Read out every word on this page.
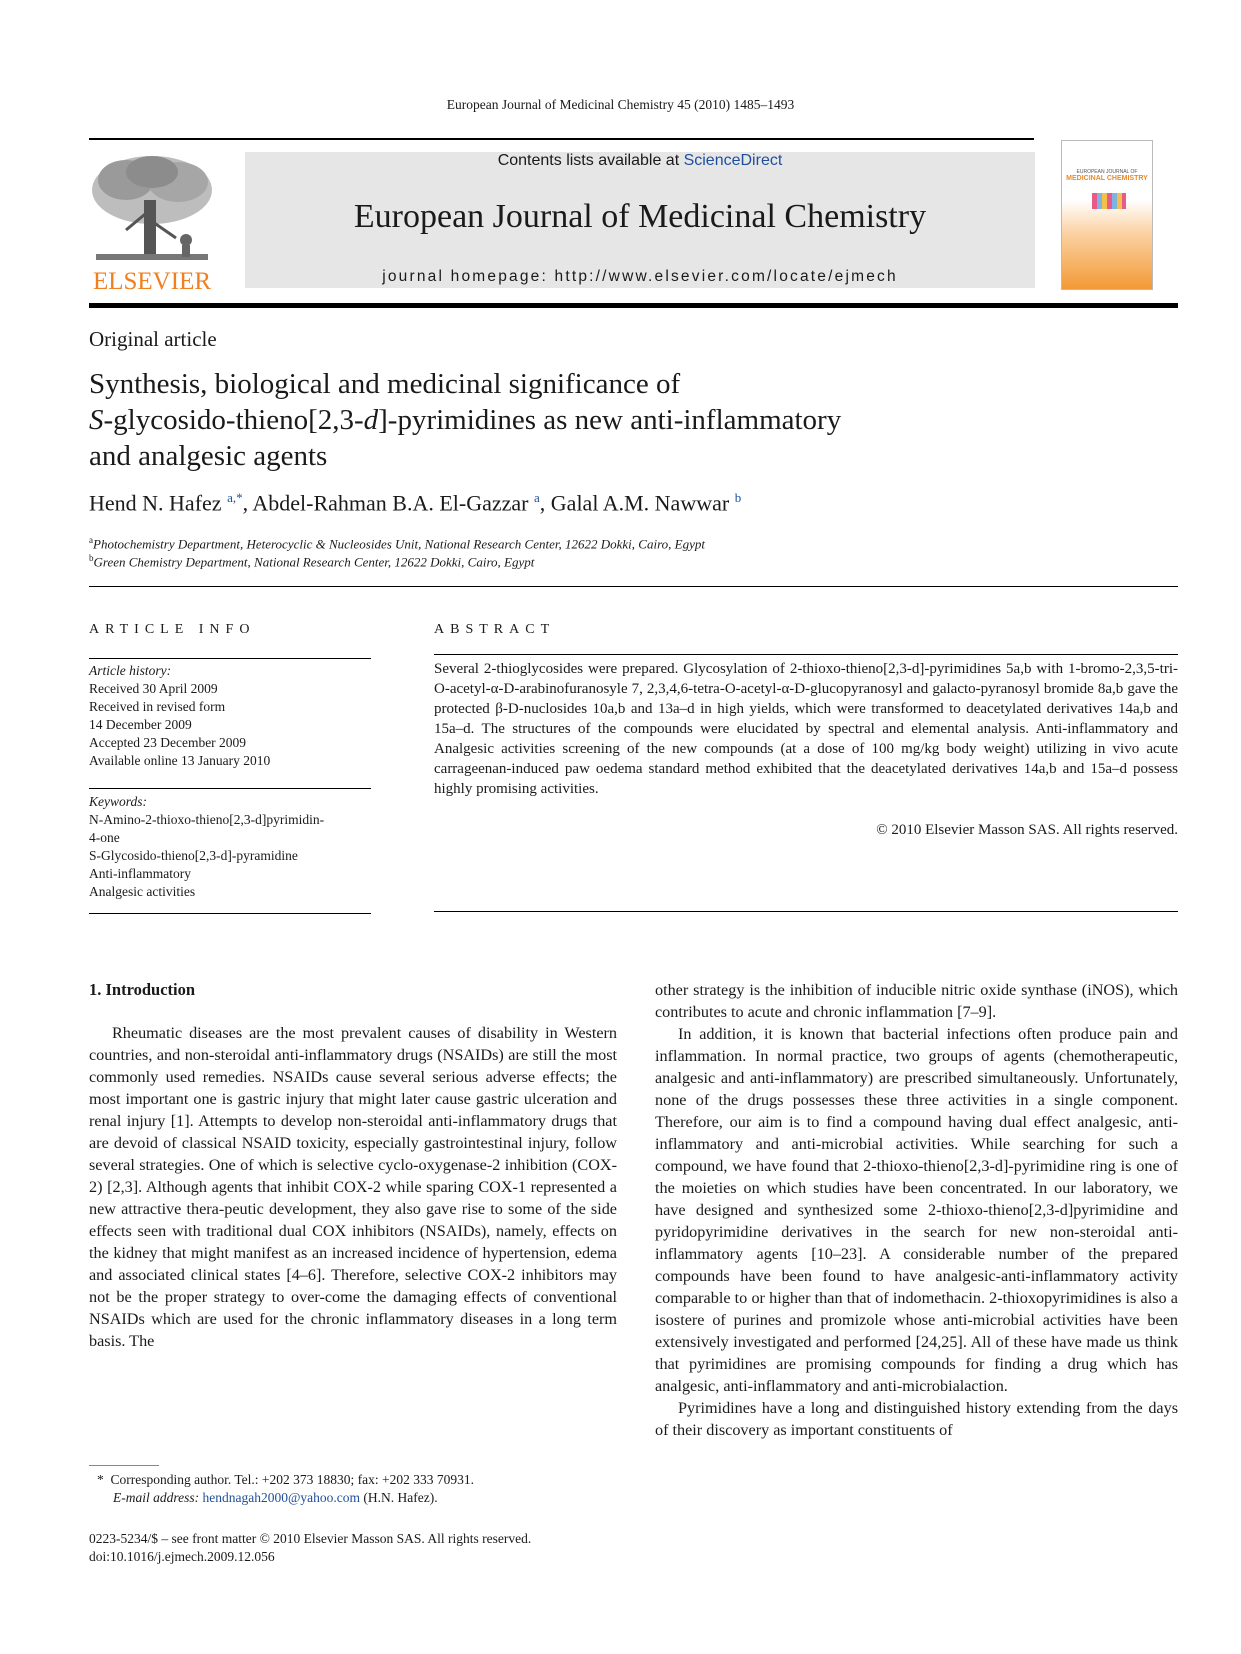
European Journal of Medicinal Chemistry 45 (2010) 1485–1493
ELSEVIER
Contents lists available at ScienceDirect
European Journal of Medicinal Chemistry
journal homepage: http://www.elsevier.com/locate/ejmech
EUROPEAN JOURNAL OF
MEDICINAL CHEMISTRY
Original article
Synthesis, biological and medicinal significance of
S-glycosido-thieno[2,3-d]-pyrimidines as new anti-inflammatory
and analgesic agents
Hend N. Hafez $^{a,*}$, Abdel-Rahman B.A. El-Gazzar $^a$, Galal A.M. Nawwar $^b$
$^a$Photochemistry Department, Heterocyclic & Nucleosides Unit, National Research Center, 12622 Dokki, Cairo, Egypt
$^b$Green Chemistry Department, National Research Center, 12622 Dokki, Cairo, Egypt
ARTICLE INFO
Article history:
Received 30 April 2009
Received in revised form
14 December 2009
Accepted 23 December 2009
Available online 13 January 2010
Keywords:
N-Amino-2-thioxo-thieno[2,3-d]pyrimidin-
4-one
S-Glycosido-thieno[2,3-d]-pyramidine
Anti-inflammatory
Analgesic activities
ABSTRACT
Several 2-thioglycosides were prepared. Glycosylation of 2-thioxo-thieno[2,3-d]-pyrimidines 5a,b with 1-bromo-2,3,5-tri-O-acetyl-α-D-arabinofuranosyle 7, 2,3,4,6-tetra-O-acetyl-α-D-glucopyranosyl and galacto-pyranosyl bromide 8a,b gave the protected β-D-nuclosides 10a,b and 13a–d in high yields, which were transformed to deacetylated derivatives 14a,b and 15a–d. The structures of the compounds were elucidated by spectral and elemental analysis. Anti-inflammatory and Analgesic activities screening of the new compounds (at a dose of 100 mg/kg body weight) utilizing in vivo acute carrageenan-induced paw oedema standard method exhibited that the deacetylated derivatives 14a,b and 15a–d possess highly promising activities.
© 2010 Elsevier Masson SAS. All rights reserved.
1. Introduction

Rheumatic diseases are the most prevalent causes of disability in Western countries, and non-steroidal anti-inflammatory drugs (NSAIDs) are still the most commonly used remedies. NSAIDs cause several serious adverse effects; the most important one is gastric injury that might later cause gastric ulceration and renal injury [1]. Attempts to develop non-steroidal anti-inflammatory drugs that are devoid of classical NSAID toxicity, especially gastrointestinal injury, follow several strategies. One of which is selective cyclo-oxygenase-2 inhibition (COX-2) [2,3]. Although agents that inhibit COX-2 while sparing COX-1 represented a new attractive thera-peutic development, they also gave rise to some of the side effects seen with traditional dual COX inhibitors (NSAIDs), namely, effects on the kidney that might manifest as an increased incidence of hypertension, edema and associated clinical states [4–6]. Therefore, selective COX-2 inhibitors may not be the proper strategy to over-come the damaging effects of conventional NSAIDs which are used for the chronic inflammatory diseases in a long term basis. The

other strategy is the inhibition of inducible nitric oxide synthase (iNOS), which contributes to acute and chronic inflammation [7–9].

In addition, it is known that bacterial infections often produce pain and inflammation. In normal practice, two groups of agents (chemotherapeutic, analgesic and anti-inflammatory) are prescribed simultaneously. Unfortunately, none of the drugs possesses these three activities in a single component. Therefore, our aim is to find a compound having dual effect analgesic, anti-inflammatory and anti-microbial activities. While searching for such a compound, we have found that 2-thioxo-thieno[2,3-d]-pyrimidine ring is one of the moieties on which studies have been concentrated. In our laboratory, we have designed and synthesized some 2-thioxo-thieno[2,3-d]pyrimidine and pyridopyrimidine derivatives in the search for new non-steroidal anti-inflammatory agents [10–23]. A considerable number of the prepared compounds have been found to have analgesic-anti-inflammatory activity comparable to or higher than that of indomethacin. 2-thioxopyrimidines is also a isostere of purines and promizole whose anti-microbial activities have been extensively investigated and performed [24,25]. All of these have made us think that pyrimidines are promising compounds for finding a drug which has analgesic, anti-inflammatory and anti-microbialaction.

Pyrimidines have a long and distinguished history extending from the days of their discovery as important constituents of

* Corresponding author. Tel.: +202 373 18830; fax: +202 333 70931.
E-mail address: hendnagah2000@yahoo.com (H.N. Hafez).
0223-5234/$ – see front matter © 2010 Elsevier Masson SAS. All rights reserved.
doi:10.1016/j.ejmech.2009.12.056
